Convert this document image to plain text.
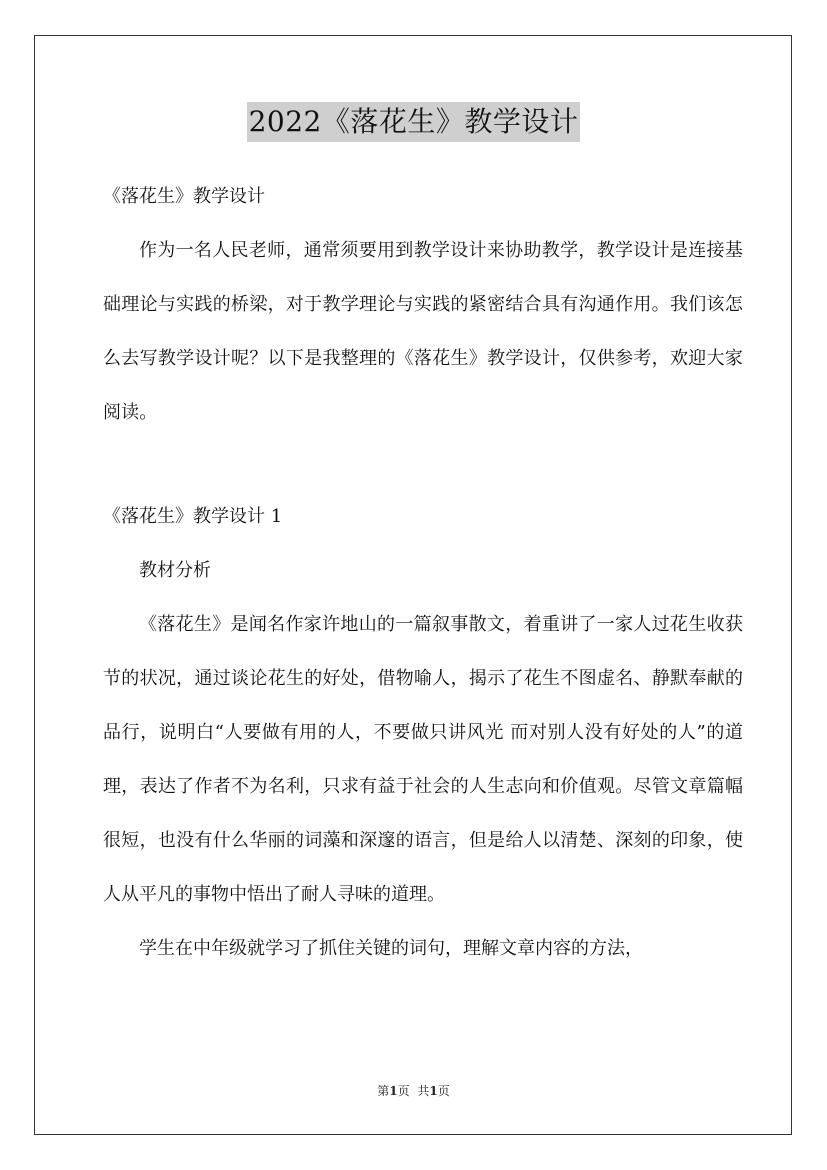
2022《落花生》教学设计

《落花生》教学设计

作为一名人民老师，通常须要用到教学设计来协助教学，教学设计是连接基础理论与实践的桥梁，对于教学理论与实践的紧密结合具有沟通作用。我们该怎么去写教学设计呢？以下是我整理的《落花生》教学设计，仅供参考，欢迎大家阅读。

《落花生》教学设计 1

教材分析

《落花生》是闻名作家许地山的一篇叙事散文，着重讲了一家人过花生收获节的状况，通过谈论花生的好处，借物喻人，揭示了花生不图虚名、静默奉献的品行，说明白“人要做有用的人，不要做只讲风光 而对别人没有好处的人”的道理，表达了作者不为名利，只求有益于社会的人生志向和价值观。尽管文章篇幅很短，也没有什么华丽的词藻和深邃的语言，但是给人以清楚、深刻的印象，使人从平凡的事物中悟出了耐人寻味的道理。

学生在中年级就学习了抓住关键的词句，理解文章内容的方法，

第1页 共1页
